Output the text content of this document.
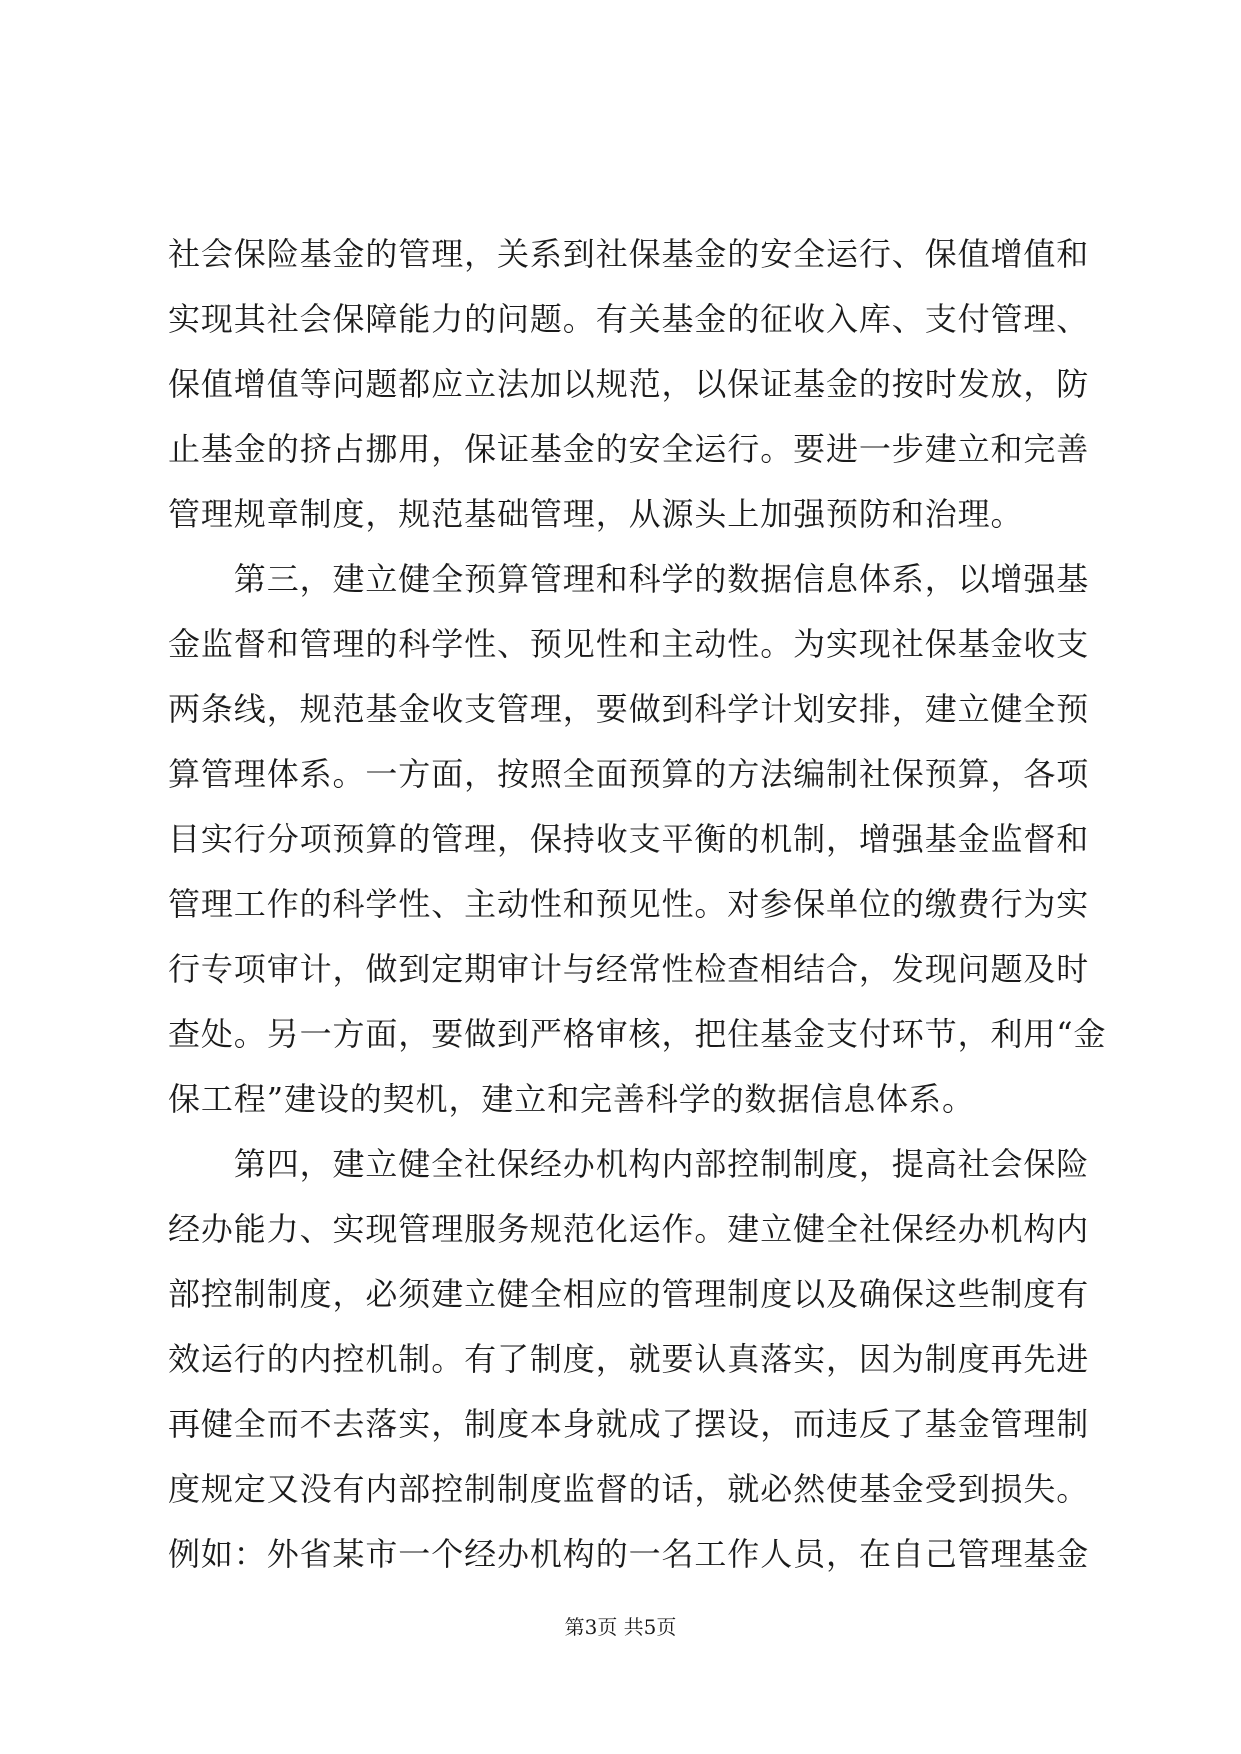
社会保险基金的管理，关系到社保基金的安全运行、保值增值和
实现其社会保障能力的问题。有关基金的征收入库、支付管理、
保值增值等问题都应立法加以规范，以保证基金的按时发放，防
止基金的挤占挪用，保证基金的安全运行。要进一步建立和完善
管理规章制度，规范基础管理，从源头上加强预防和治理。
　　第三，建立健全预算管理和科学的数据信息体系，以增强基
金监督和管理的科学性、预见性和主动性。为实现社保基金收支
两条线，规范基金收支管理，要做到科学计划安排，建立健全预
算管理体系。一方面，按照全面预算的方法编制社保预算，各项
目实行分项预算的管理，保持收支平衡的机制，增强基金监督和
管理工作的科学性、主动性和预见性。对参保单位的缴费行为实
行专项审计，做到定期审计与经常性检查相结合，发现问题及时
查处。另一方面，要做到严格审核，把住基金支付环节，利用“金
保工程”建设的契机，建立和完善科学的数据信息体系。
　　第四，建立健全社保经办机构内部控制制度，提高社会保险
经办能力、实现管理服务规范化运作。建立健全社保经办机构内
部控制制度，必须建立健全相应的管理制度以及确保这些制度有
效运行的内控机制。有了制度，就要认真落实，因为制度再先进
再健全而不去落实，制度本身就成了摆设，而违反了基金管理制
度规定又没有内部控制制度监督的话，就必然使基金受到损失。
例如：外省某市一个经办机构的一名工作人员，在自己管理基金
第3页 共5页
